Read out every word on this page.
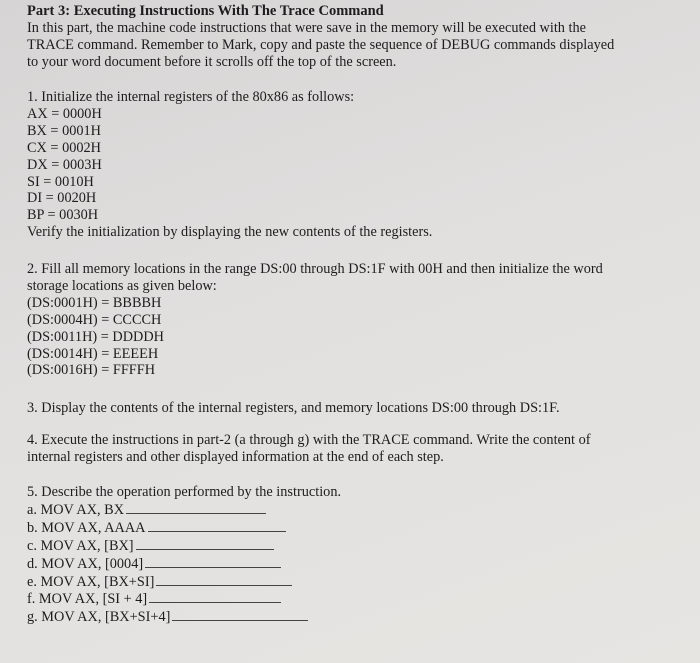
Part 3: Executing Instructions With The Trace Command
In this part, the machine code instructions that were save in the memory will be executed with the
TRACE command. Remember to Mark, copy and paste the sequence of DEBUG commands displayed
to your word document before it scrolls off the top of the screen.
1. Initialize the internal registers of the 80x86 as follows:
AX = 0000H
BX = 0001H
CX = 0002H
DX = 0003H
SI = 0010H
DI = 0020H
BP = 0030H
Verify the initialization by displaying the new contents of the registers.
2. Fill all memory locations in the range DS:00 through DS:1F with 00H and then initialize the word
storage locations as given below:
(DS:0001H) = BBBBH
(DS:0004H) = CCCCH
(DS:0011H) = DDDDH
(DS:0014H) = EEEEH
(DS:0016H) = FFFFH
3. Display the contents of the internal registers, and memory locations DS:00 through DS:1F.
4. Execute the instructions in part-2 (a through g) with the TRACE command. Write the content of
internal registers and other displayed information at the end of each step.
5. Describe the operation performed by the instruction.
a. MOV AX, BX
b. MOV AX, AAAA
c. MOV AX, [BX]
d. MOV AX, [0004]
e. MOV AX, [BX+SI]
f. MOV AX, [SI + 4]
g. MOV AX, [BX+SI+4]
